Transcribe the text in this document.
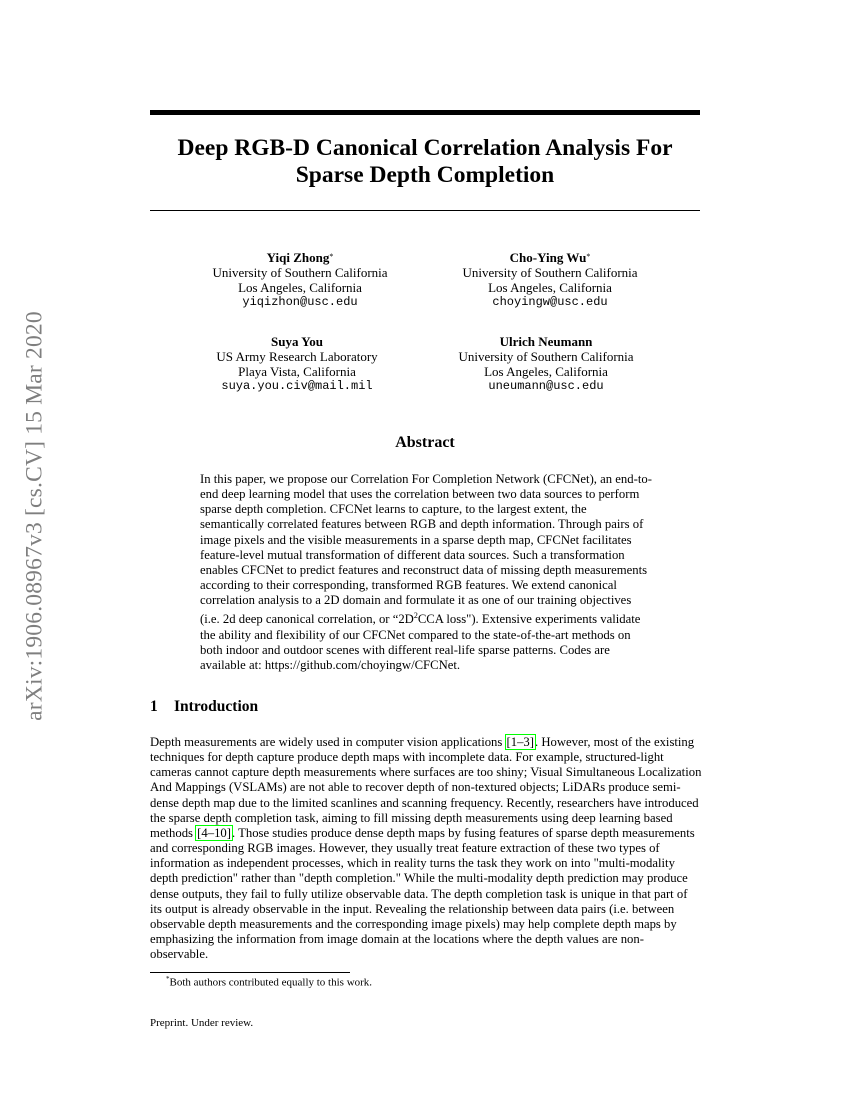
arXiv:1906.08967v3 [cs.CV] 15 Mar 2020
Deep RGB-D Canonical Correlation Analysis For
Sparse Depth Completion
Yiqi Zhong*
University of Southern California
Los Angeles, California
yiqizhon@usc.edu
Cho-Ying Wu*
University of Southern California
Los Angeles, California
choyingw@usc.edu
Suya You
US Army Research Laboratory
Playa Vista, California
suya.you.civ@mail.mil
Ulrich Neumann
University of Southern California
Los Angeles, California
uneumann@usc.edu
Abstract
In this paper, we propose our Correlation For Completion Network (CFCNet), an end-to-end deep learning model that uses the correlation between two data sources to perform sparse depth completion. CFCNet learns to capture, to the largest extent, the semantically correlated features between RGB and depth information. Through pairs of image pixels and the visible measurements in a sparse depth map, CFCNet facilitates feature-level mutual transformation of different data sources. Such a transformation enables CFCNet to predict features and reconstruct data of missing depth measurements according to their corresponding, transformed RGB features. We extend canonical correlation analysis to a 2D domain and formulate it as one of our training objectives (i.e. 2d deep canonical correlation, or “$2D^2CCA$ loss"). Extensive experiments validate the ability and flexibility of our CFCNet compared to the state-of-the-art methods on both indoor and outdoor scenes with different real-life sparse patterns. Codes are available at: https://github.com/choyingw/CFCNet.
1 Introduction
Depth measurements are widely used in computer vision applications [1–3]. However, most of the existing techniques for depth capture produce depth maps with incomplete data. For example, structured-light cameras cannot capture depth measurements where surfaces are too shiny; Visual Simultaneous Localization And Mappings (VSLAMs) are not able to recover depth of non-textured objects; LiDARs produce semi-dense depth map due to the limited scanlines and scanning frequency. Recently, researchers have introduced the sparse depth completion task, aiming to fill missing depth measurements using deep learning based methods [4–10]. Those studies produce dense depth maps by fusing features of sparse depth measurements and corresponding RGB images. However, they usually treat feature extraction of these two types of information as independent processes, which in reality turns the task they work on into "multi-modality depth prediction" rather than "depth completion." While the multi-modality depth prediction may produce dense outputs, they fail to fully utilize observable data. The depth completion task is unique in that part of its output is already observable in the input. Revealing the relationship between data pairs (i.e. between observable depth measurements and the corresponding image pixels) may help complete depth maps by emphasizing the information from image domain at the locations where the depth values are non-observable.
*Both authors contributed equally to this work.
Preprint. Under review.
